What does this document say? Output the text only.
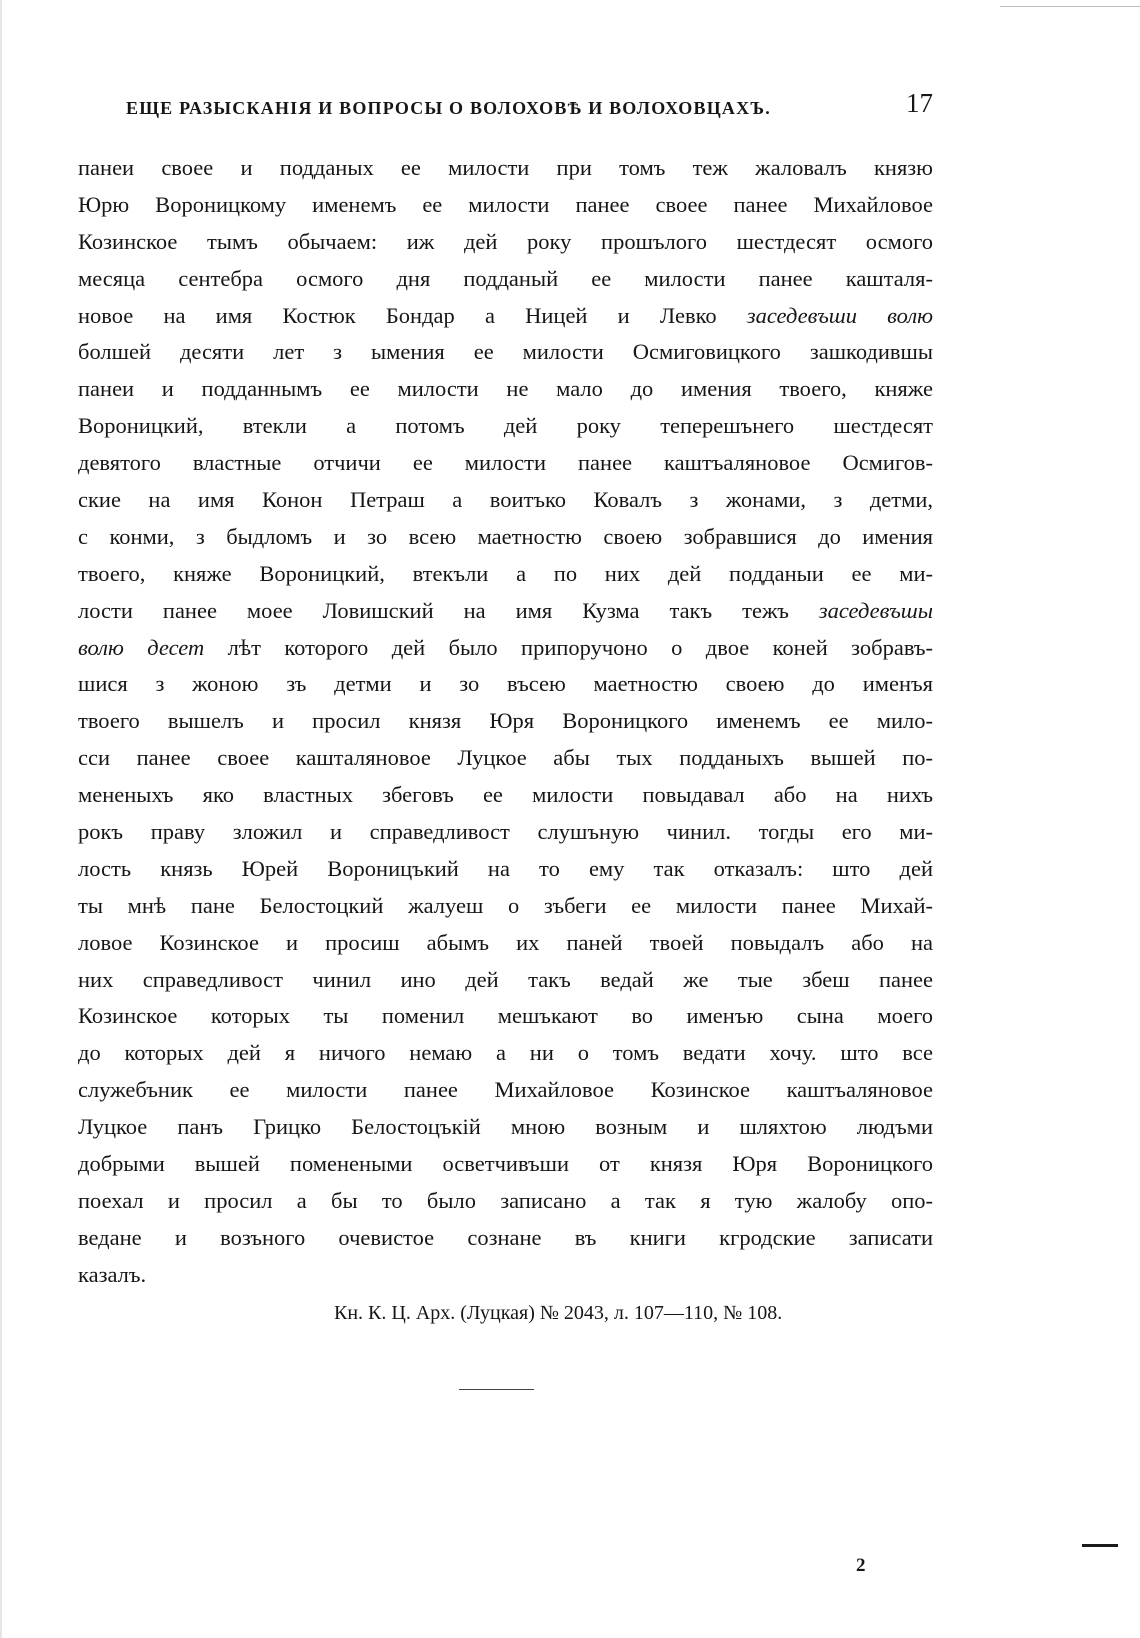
ЕЩЕ РАЗЫСКАНІЯ И ВОПРОСЫ О ВОЛОХОВѢ И ВОЛОХОВЦАХЪ.	17
панеи своее и подданых ее милости при томъ теж жаловалъ князю
Юрю Вороницкому именемъ ее милости панее своее панее Михайловое
Козинское тымъ обычаем: иж дей року прошълого шестдесят осмого
месяца сентебра осмого дня подданый ее милости панее кашталя-
новое на имя Костюк Бондар а Ницей и Левко заседевъши волю
болшей десяти лет з ымения ее милости Осмиговицкого зашкодившы
панеи и подданнымъ ее милости не мало до имения твоего, княже
Вороницкий, втекли а потомъ дей року теперешънего шестдесят
девятого властные отчичи ее милости панее каштъаляновое Осмигов-
ские на имя Конон Петраш а воитъко Ковалъ з жонами, з детми,
с конми, з быдломъ и зо всею маетностю своею зобравшися до имения
твоего, княже Вороницкий, втекъли а по них дей подданыи ее ми-
лости панее моее Ловишский на имя Кузма такъ тежъ заседевъшы
волю десет лѣт которого дей было припоручоно о двое коней зобравъ-
шися з жоною зъ детми и зо въсею маетностю своею до именъя
твоего вышелъ и просил князя Юря Вороницкого именемъ ее мило-
сси панее своее кашталяновое Луцкое абы тых подданыхъ вышей по-
мененыхъ яко властных збеговъ ее милости повыдавал або на нихъ
рокъ праву зложил и справедливост слушъную чинил. тогды его ми-
лость князь Юрей Вороницъкий на то ему так отказалъ: што дей
ты мнѣ пане Белостоцкий жалуеш о зъбеги ее милости панее Михай-
ловое Козинское и просиш абымъ их паней твоей повыдалъ або на
них справедливост чинил ино дей такъ ведай же тые збеш панее
Козинское которых ты поменил мешъкают во именъю сына моего
до которых дей я ничого немаю а ни о томъ ведати хочу. што все
служебъник ее милости панее Михайловое Козинское каштъаляновое
Луцкое панъ Грицко Белостоцъкій мною возным и шляхтою людъми
добрыми вышей поменеными осветчивъши от князя Юря Вороницкого
поехал и просил а бы то было записано а так я тую жалобу опо-
ведане и возъного очевистое сознане въ книги кгродские записати
казалъ.
Кн. К. Ц. Арх. (Луцкая) № 2043, л. 107—110, № 108.
2
